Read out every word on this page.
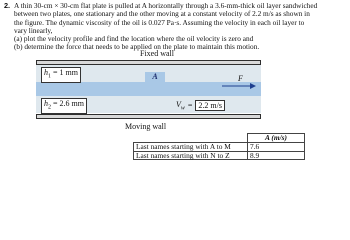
2. A thin 30-cm × 30-cm flat plate is pulled at A horizontally through a 3.6-mm-thick oil layer sandwiched

between two plates, one stationary and the other moving at a constant velocity of 2.2 m/s as shown in

the figure. The dynamic viscosity of the oil is 0.027 Pa·s. Assuming the velocity in each oil layer to

vary linearly,

(a) plot the velocity profile and find the location where the oil velocity is zero and

(b) determine the force that needs to be applied on the plate to maintain this motion.

Fixed wall
A	F
Moving wall
$h_1 = 1$ mm
$h_2 = 2.6$ mm	$V_w = 2.2$ m/s
	A (m/s)
Last names starting with A to M	7.6
Last names starting with N to Z	8.9
